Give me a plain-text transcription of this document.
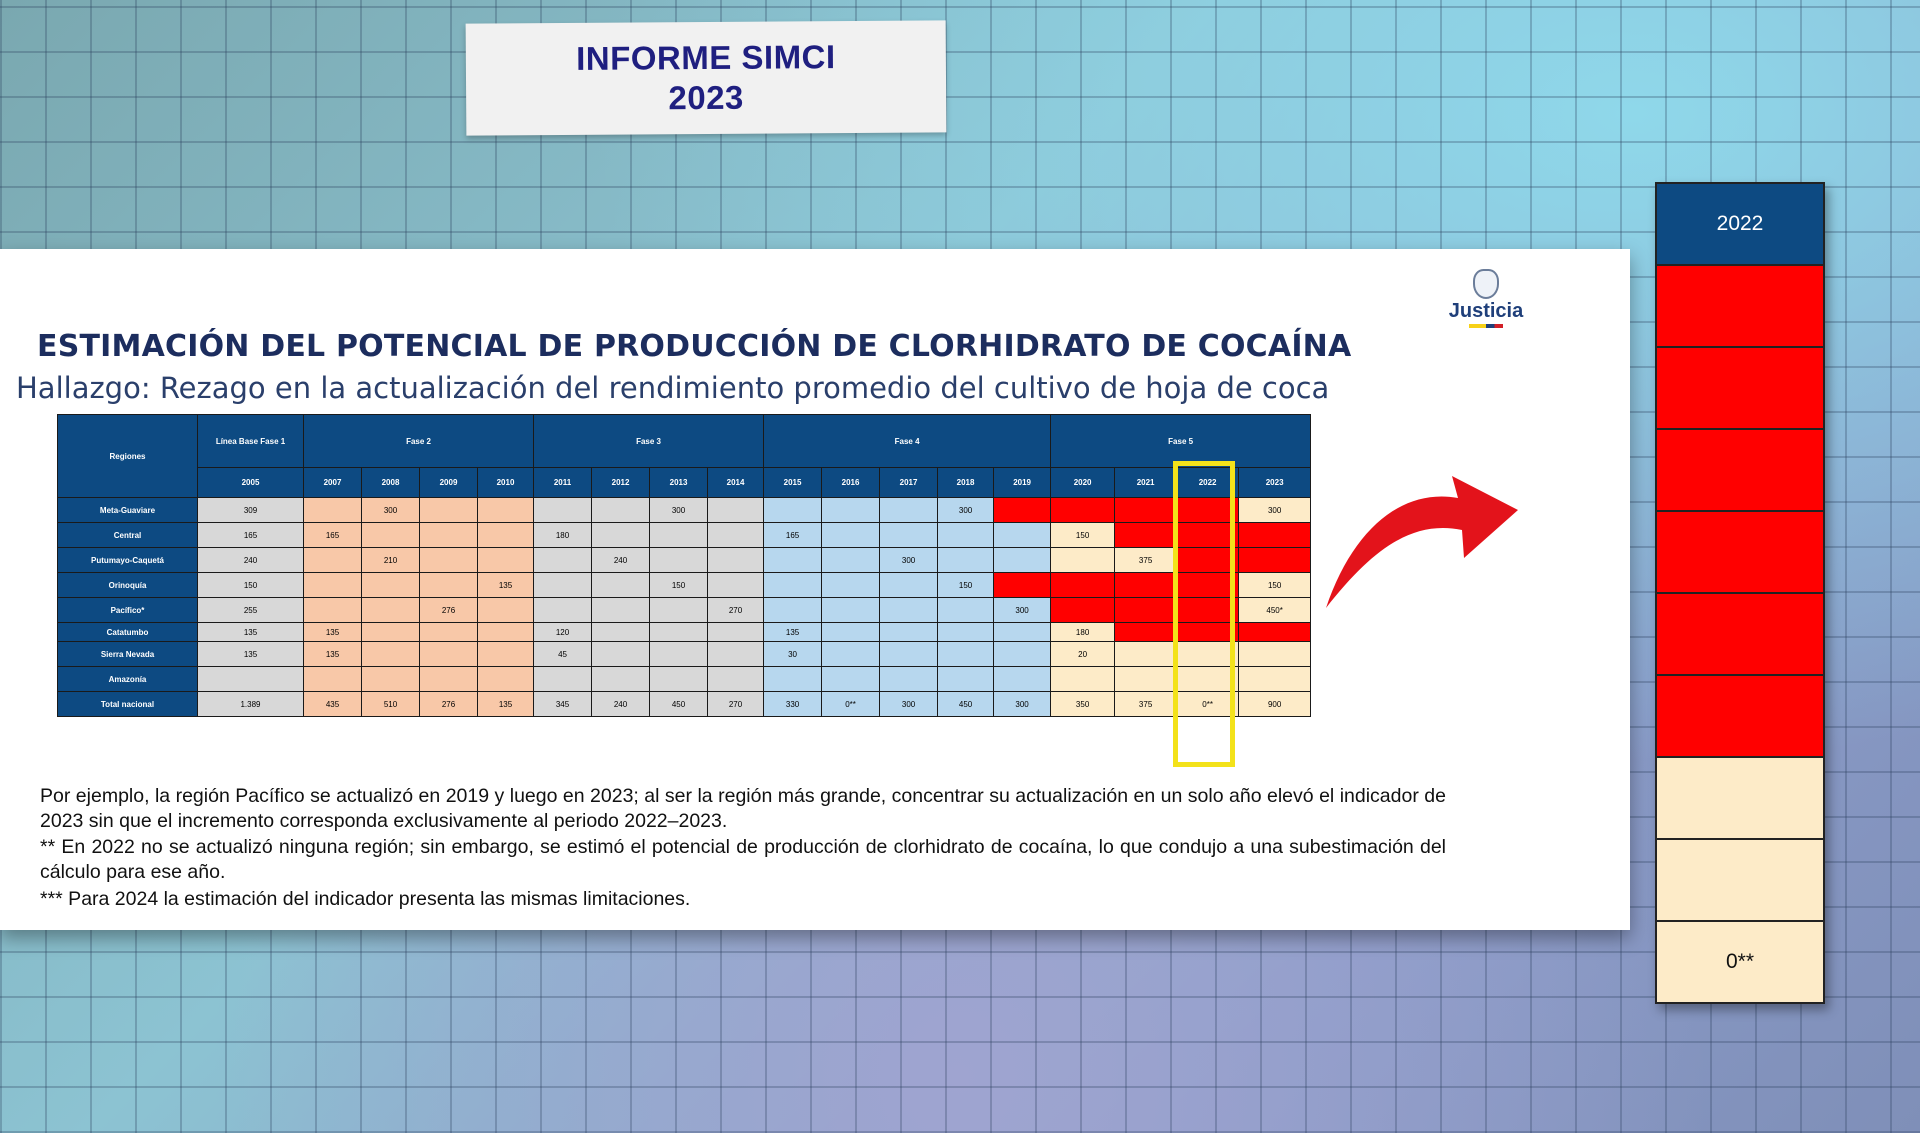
INFORME SIMCI
2023
Justicia
ESTIMACIÓN DEL POTENCIAL DE PRODUCCIÓN DE CLORHIDRATO DE COCAÍNA
Hallazgo: Rezago en la actualización del rendimiento promedio del cultivo de hoja de coca
Regiones	Línea Base Fase 1	Fase 2				Fase 3				Fase 4					Fase 5			
	2005	2007	2008	2009	2010	2011	2012	2013	2014	2015	2016	2017	2018	2019	2020	2021	2022	2023
Meta-Guaviare	309		300					300					300					300
Central	165	165				180				165					150			
Putumayo-Caquetá	240		210				240					300				375		
Orinoquía	150				135			150					150					150
Pacífico*	255			276					270					300				450*
Catatumbo	135	135				120				135					180			
Sierra Nevada	135	135				45				30					20			
Amazonía																		
Total nacional	1.389	435	510	276	135	345	240	450	270	330	0**	300	450	300	350	375	0**	900

Por ejemplo, la región Pacífico se actualizó en 2019 y luego en 2023; al ser la región más grande, concentrar su actualización en un solo año elevó el indicador de 2023 sin que el incremento corresponda exclusivamente al periodo 2022–2023.

** En 2022 no se actualizó ninguna región; sin embargo, se estimó el potencial de producción de clorhidrato de cocaína, lo que condujo a una subestimación del cálculo para ese año.

*** Para 2024 la estimación del indicador presenta las mismas limitaciones.

2022
0**
